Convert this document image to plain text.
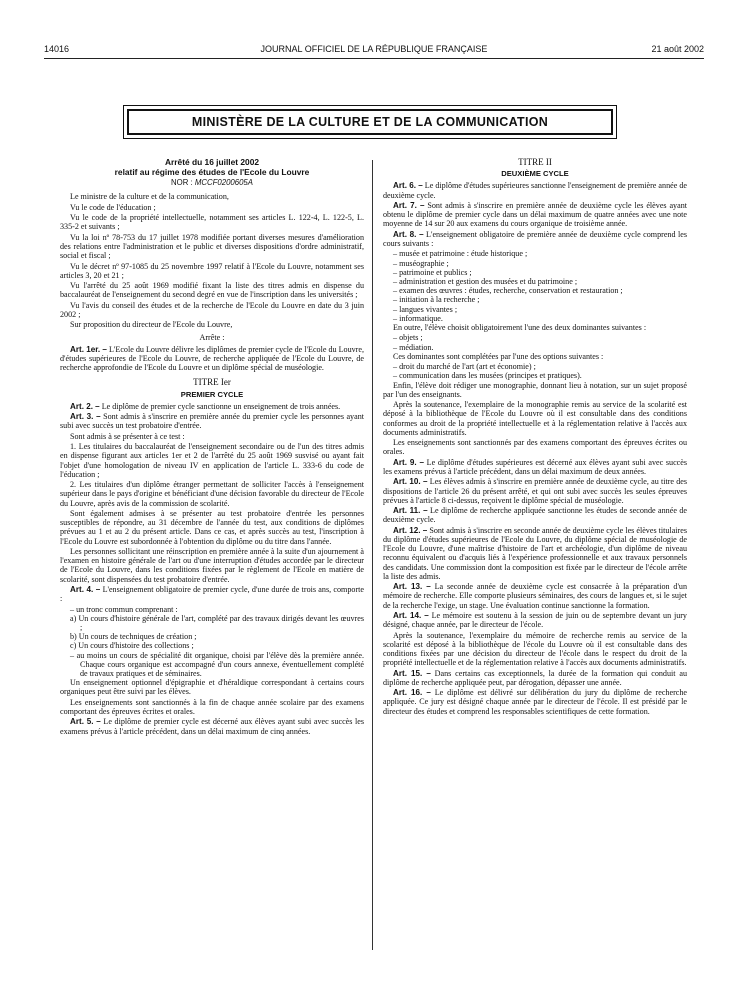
14016	JOURNAL OFFICIEL DE LA RÉPUBLIQUE FRANÇAISE	21 août 2002
MINISTÈRE DE LA CULTURE ET DE LA COMMUNICATION

Arrêté du 16 juillet 2002

relatif au régime des études de l'Ecole du Louvre

NOR : MCCF0200605A

Le ministre de la culture et de la communication,

Vu le code de l'éducation ;

Vu le code de la propriété intellectuelle, notamment ses articles L. 122-4, L. 122-5, L. 335-2 et suivants ;

Vu la loi nº 78-753 du 17 juillet 1978 modifiée portant diverses mesures d'amélioration des relations entre l'administration et le public et diverses dispositions d'ordre administratif, social et fiscal ;

Vu le décret nº 97-1085 du 25 novembre 1997 relatif à l'Ecole du Louvre, notamment ses articles 3, 20 et 21 ;

Vu l'arrêté du 25 août 1969 modifié fixant la liste des titres admis en dispense du baccalauréat de l'enseignement du second degré en vue de l'inscription dans les universités ;

Vu l'avis du conseil des études et de la recherche de l'Ecole du Louvre en date du 3 juin 2002 ;

Sur proposition du directeur de l'Ecole du Louvre,

Arrête :

Art. 1er. – L'Ecole du Louvre délivre les diplômes de premier cycle de l'Ecole du Louvre, d'études supérieures de l'Ecole du Louvre, de recherche appliquée de l'Ecole du Louvre, de recherche approfondie de l'Ecole du Louvre et un diplôme spécial de muséologie.

TITRE Ier

PREMIER CYCLE

Art. 2. – Le diplôme de premier cycle sanctionne un enseignement de trois années.

Art. 3. – Sont admis à s'inscrire en première année du premier cycle les personnes ayant subi avec succès un test probatoire d'entrée.

Sont admis à se présenter à ce test :

1. Les titulaires du baccalauréat de l'enseignement secondaire ou de l'un des titres admis en dispense figurant aux articles 1er et 2 de l'arrêté du 25 août 1969 susvisé ou ayant fait l'objet d'une homologation de niveau IV en application de l'article L. 333-6 du code de l'éducation ;

2. Les titulaires d'un diplôme étranger permettant de solliciter l'accès à l'enseignement supérieur dans le pays d'origine et bénéficiant d'une décision favorable du directeur de l'Ecole du Louvre, après avis de la commission de scolarité.

Sont également admises à se présenter au test probatoire d'entrée les personnes susceptibles de répondre, au 31 décembre de l'année du test, aux conditions de diplômes prévues au 1 et au 2 du présent article. Dans ce cas, et après succès au test, l'inscription à l'Ecole du Louvre est subordonnée à l'obtention du diplôme ou du titre dans l'année.

Les personnes sollicitant une réinscription en première année à la suite d'un ajournement à l'examen en histoire générale de l'art ou d'une interruption d'études accordée par le directeur de l'Ecole du Louvre, dans les conditions fixées par le règlement de l'Ecole en matière de scolarité, sont dispensées du test probatoire d'entrée.

Art. 4. – L'enseignement obligatoire de premier cycle, d'une durée de trois ans, comporte :

– un tronc commun comprenant :

a) Un cours d'histoire générale de l'art, complété par des travaux dirigés devant les œuvres ;

b) Un cours de techniques de création ;

c) Un cours d'histoire des collections ;

– au moins un cours de spécialité dit organique, choisi par l'élève dès la première année. Chaque cours organique est accompagné d'un cours annexe, éventuellement complété de travaux pratiques et de séminaires.

Un enseignement optionnel d'épigraphie et d'héraldique correspondant à certains cours organiques peut être suivi par les élèves.

Les enseignements sont sanctionnés à la fin de chaque année scolaire par des examens comportant des épreuves écrites et orales.

Art. 5. – Le diplôme de premier cycle est décerné aux élèves ayant subi avec succès les examens prévus à l'article précédent, dans un délai maximum de cinq années.

TITRE II

DEUXIÈME CYCLE

Art. 6. – Le diplôme d'études supérieures sanctionne l'enseignement de première année de deuxième cycle.

Art. 7. – Sont admis à s'inscrire en première année de deuxième cycle les élèves ayant obtenu le diplôme de premier cycle dans un délai maximum de quatre années avec une note moyenne de 14 sur 20 aux examens du cours organique de troisième année.

Art. 8. – L'enseignement obligatoire de première année de deuxième cycle comprend les cours suivants :

– musée et patrimoine : étude historique ;

– muséographie ;

– patrimoine et publics ;

– administration et gestion des musées et du patrimoine ;

– examen des œuvres : études, recherche, conservation et restauration ;

– initiation à la recherche ;

– langues vivantes ;

– informatique.

En outre, l'élève choisit obligatoirement l'une des deux dominantes suivantes :

– objets ;

– médiation.

Ces dominantes sont complétées par l'une des options suivantes :

– droit du marché de l'art (art et économie) ;

– communication dans les musées (principes et pratiques).

Enfin, l'élève doit rédiger une monographie, donnant lieu à notation, sur un sujet proposé par l'un des enseignants.

Après la soutenance, l'exemplaire de la monographie remis au service de la scolarité est déposé à la bibliothèque de l'Ecole du Louvre où il est consultable dans des conditions conformes au droit de la propriété intellectuelle et à la réglementation relative à l'accès aux documents administratifs.

Les enseignements sont sanctionnés par des examens comportant des épreuves écrites ou orales.

Art. 9. – Le diplôme d'études supérieures est décerné aux élèves ayant subi avec succès les examens prévus à l'article précédent, dans un délai maximum de deux années.

Art. 10. – Les élèves admis à s'inscrire en première année de deuxième cycle, au titre des dispositions de l'article 26 du présent arrêté, et qui ont subi avec succès les seules épreuves prévues à l'article 8 ci-dessus, reçoivent le diplôme spécial de muséologie.

Art. 11. – Le diplôme de recherche appliquée sanctionne les études de seconde année de deuxième cycle.

Art. 12. – Sont admis à s'inscrire en seconde année de deuxième cycle les élèves titulaires du diplôme d'études supérieures de l'Ecole du Louvre, du diplôme spécial de muséologie de l'Ecole du Louvre, d'une maîtrise d'histoire de l'art et archéologie, d'un diplôme de niveau reconnu équivalent ou d'acquis liés à l'expérience professionnelle et aux travaux personnels des candidats. Une commission dont la composition est fixée par le directeur de l'école arrête la liste des admis.

Art. 13. – La seconde année de deuxième cycle est consacrée à la préparation d'un mémoire de recherche. Elle comporte plusieurs séminaires, des cours de langues et, si le sujet de la recherche l'exige, un stage. Une évaluation continue sanctionne la formation.

Art. 14. – Le mémoire est soutenu à la session de juin ou de septembre devant un jury désigné, chaque année, par le directeur de l'école.

Après la soutenance, l'exemplaire du mémoire de recherche remis au service de la scolarité est déposé à la bibliothèque de l'école du Louvre où il est consultable dans des conditions fixées par une décision du directeur de l'école dans le respect du droit de la propriété intellectuelle et de la réglementation relative à l'accès aux documents administratifs.

Art. 15. – Dans certains cas exceptionnels, la durée de la formation qui conduit au diplôme de recherche appliquée peut, par dérogation, dépasser une année.

Art. 16. – Le diplôme est délivré sur délibération du jury du diplôme de recherche appliquée. Ce jury est désigné chaque année par le directeur de l'école. Il est présidé par le directeur des études et comprend les responsables scientifiques de cette formation.
